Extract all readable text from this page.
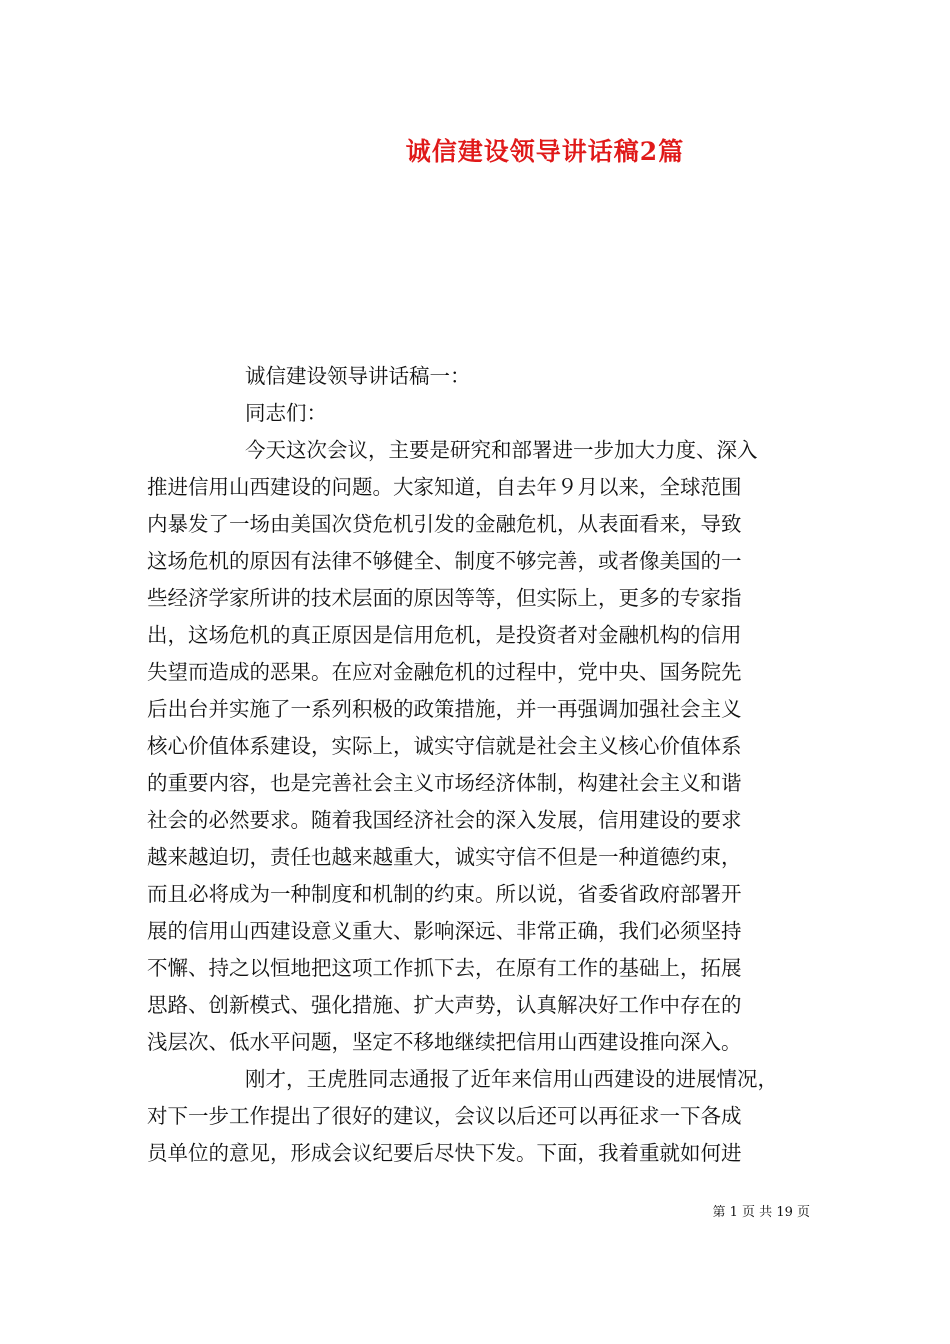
诚信建设领导讲话稿2篇
诚信建设领导讲话稿一：
同志们：
今天这次会议，主要是研究和部署进一步加大力度、深入
推进信用山西建设的问题。大家知道，自去年９月以来，全球范围
内暴发了一场由美国次贷危机引发的金融危机，从表面看来，导致
这场危机的原因有法律不够健全、制度不够完善，或者像美国的一
些经济学家所讲的技术层面的原因等等，但实际上，更多的专家指
出，这场危机的真正原因是信用危机，是投资者对金融机构的信用
失望而造成的恶果。在应对金融危机的过程中，党中央、国务院先
后出台并实施了一系列积极的政策措施，并一再强调加强社会主义
核心价值体系建设，实际上，诚实守信就是社会主义核心价值体系
的重要内容，也是完善社会主义市场经济体制，构建社会主义和谐
社会的必然要求。随着我国经济社会的深入发展，信用建设的要求
越来越迫切，责任也越来越重大，诚实守信不但是一种道德约束，
而且必将成为一种制度和机制的约束。所以说，省委省政府部署开
展的信用山西建设意义重大、影响深远、非常正确，我们必须坚持
不懈、持之以恒地把这项工作抓下去，在原有工作的基础上，拓展
思路、创新模式、强化措施、扩大声势，认真解决好工作中存在的
浅层次、低水平问题，坚定不移地继续把信用山西建设推向深入。
刚才，王虎胜同志通报了近年来信用山西建设的进展情况，
对下一步工作提出了很好的建议，会议以后还可以再征求一下各成
员单位的意见，形成会议纪要后尽快下发。下面，我着重就如何进
第 1 页 共 19 页
